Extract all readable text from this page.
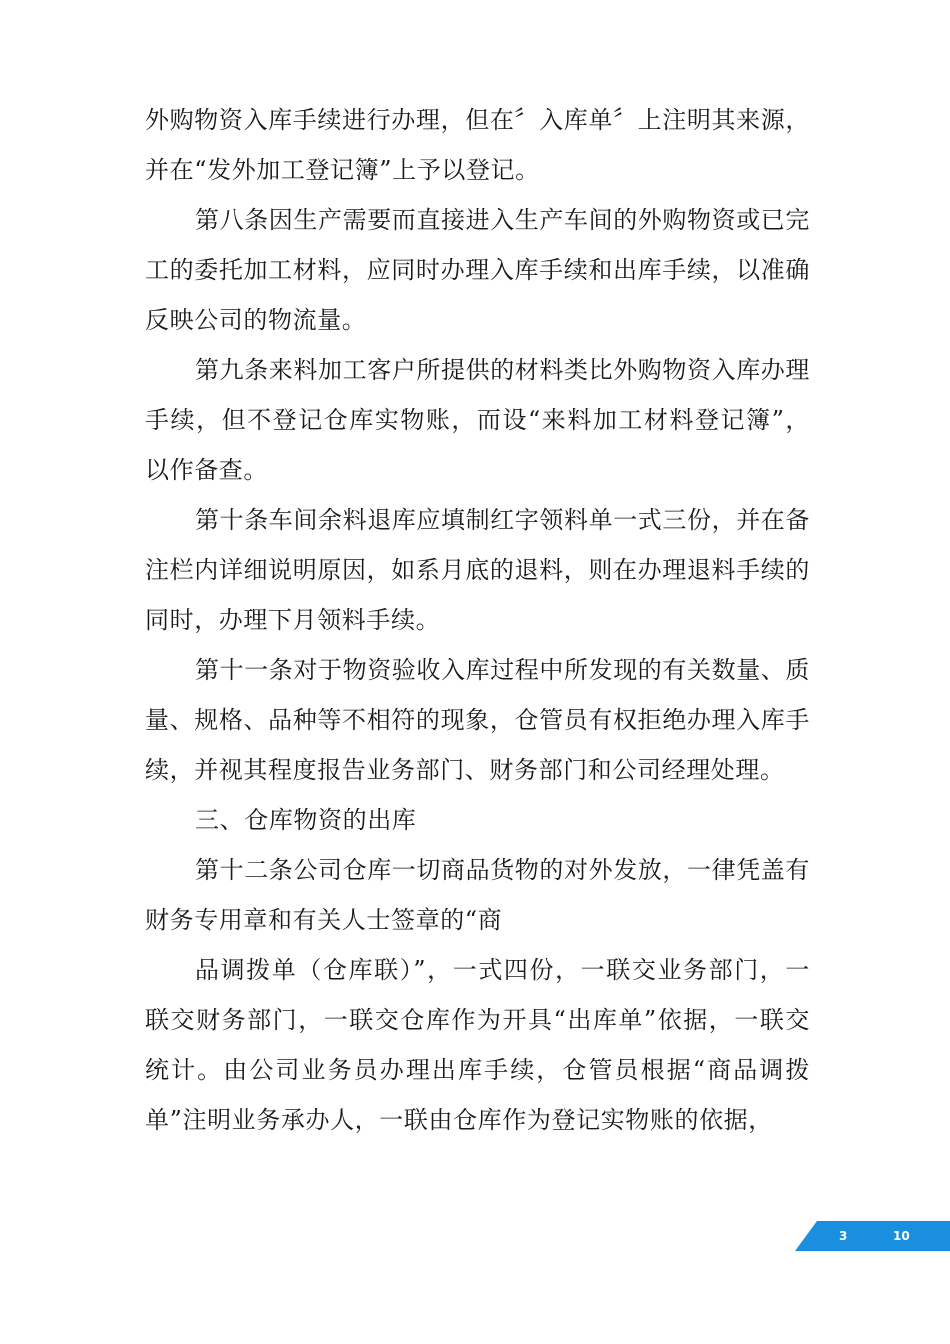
外购物资入库手续进行办理，但在〞入库单〞上注明其来源，并在“发外加工登记簿”上予以登记。

第八条因生产需要而直接进入生产车间的外购物资或已完工的委托加工材料，应同时办理入库手续和出库手续，以准确反映公司的物流量。

第九条来料加工客户所提供的材料类比外购物资入库办理手续，但不登记仓库实物账，而设“来料加工材料登记簿”，以作备查。

第十条车间余料退库应填制红字领料单一式三份，并在备注栏内详细说明原因，如系月底的退料，则在办理退料手续的同时，办理下月领料手续。

第十一条对于物资验收入库过程中所发现的有关数量、质量、规格、品种等不相符的现象，仓管员有权拒绝办理入库手续，并视其程度报告业务部门、财务部门和公司经理处理。

三、仓库物资的出库

第十二条公司仓库一切商品货物的对外发放，一律凭盖有财务专用章和有关人士签章的“商

品调拨单（仓库联）”，一式四份，一联交业务部门，一联交财务部门，一联交仓库作为开具“出库单”依据，一联交统计。由公司业务员办理出库手续，仓管员根据“商品调拨单”注明业务承办人，一联由仓库作为登记实物账的依据，

3	10
